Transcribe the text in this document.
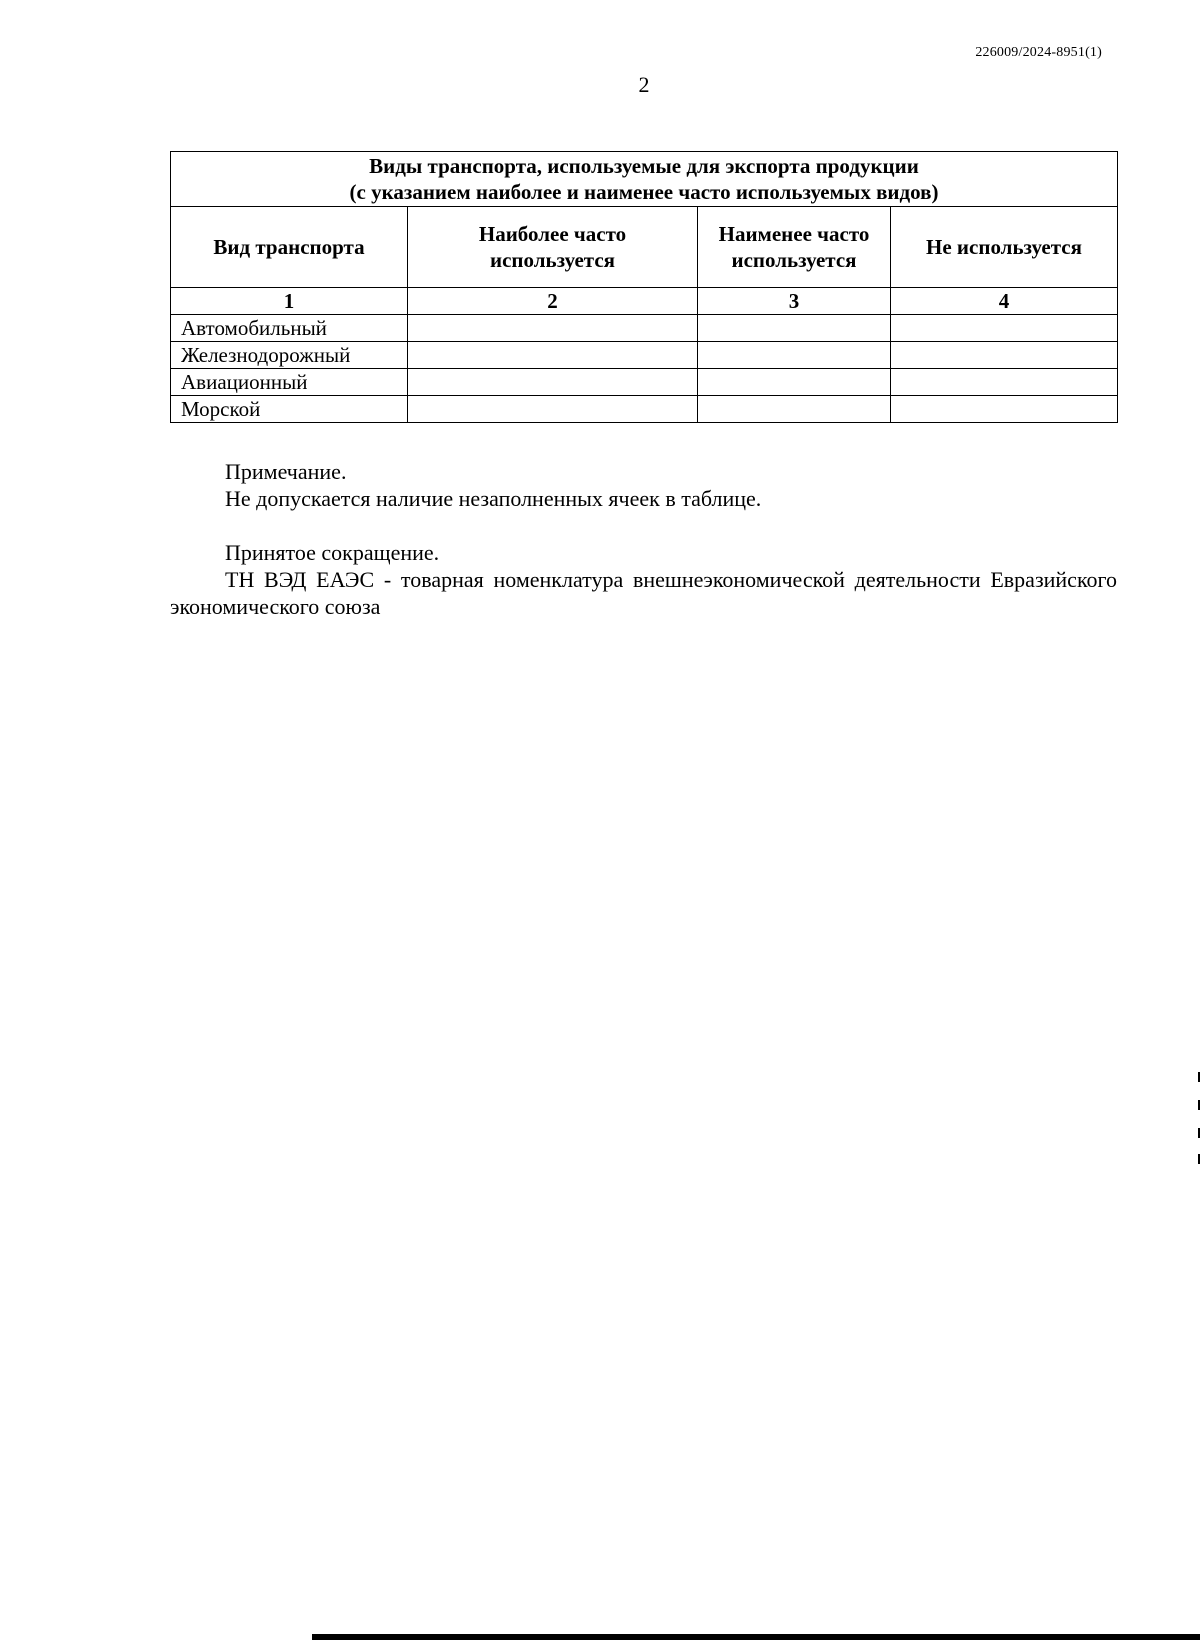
226009/2024-8951(1)
2
Виды транспорта, используемые для экспорта продукции
(с указанием наиболее и наименее часто используемых видов)			

Вид транспорта	Наиболее часто используется	Наименее часто используется	Не используется
1	2	3	4
Автомобильный			
Железнодорожный			
Авиационный			
Морской			

Примечание.

Не допускается наличие незаполненных ячеек в таблице.

Принятое сокращение.

ТН ВЭД ЕАЭС - товарная номенклатура внешнеэкономической деятельности Евразийского экономического союза
